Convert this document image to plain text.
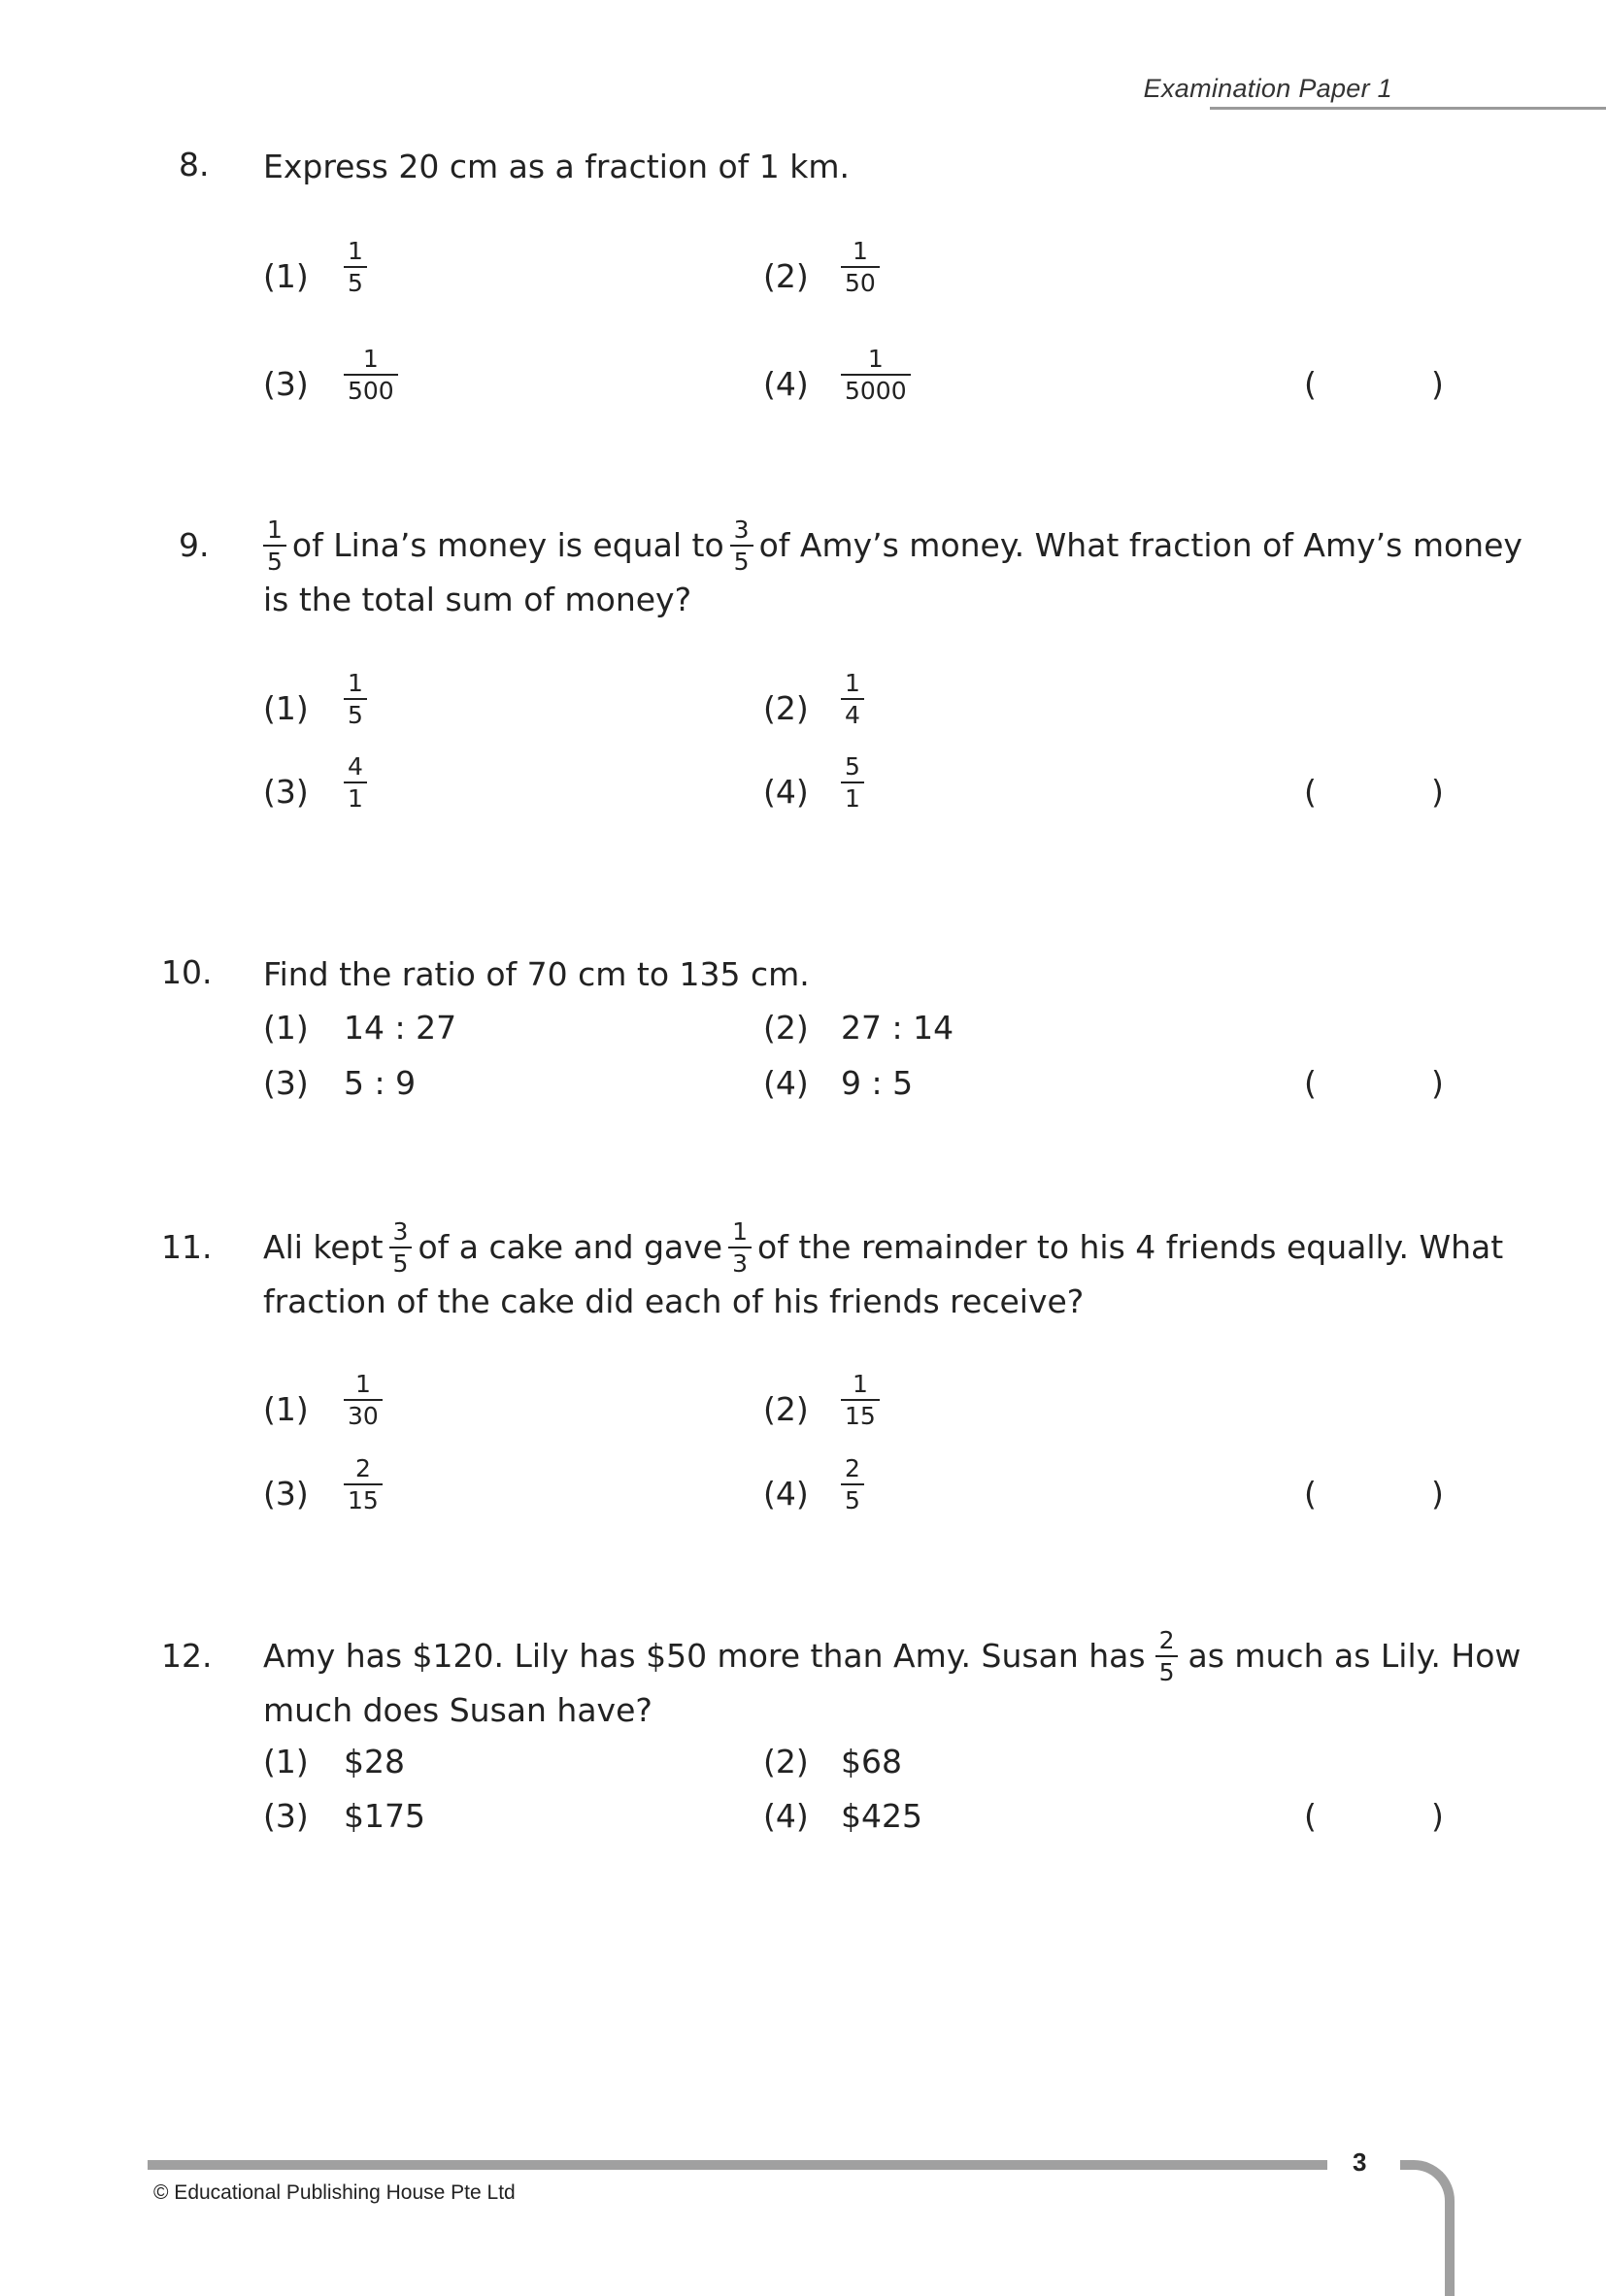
Examination Paper 1
8. Express 20 cm as a fraction of 1 km.
$(1) \frac{1}{5}$	$(2) \frac{1}{50}$
$(3) \frac{1}{500}$	$(4) \frac{1}{5000}$	(	)
9. $\frac{1}{5}$ of Lina’s money is equal to $\frac{3}{5}$ of Amy’s money. What fraction of Amy’s money
is the total sum of money?
$(1) \frac{1}{5}$	$(2) \frac{1}{4}$
$(3) \frac{4}{1}$	$(4) \frac{5}{1}$	(	)
10. Find the ratio of 70 cm to 135 cm.
(1) 14 : 27	(2) 27 : 14
(3) 5 : 9	(4) 9 : 5	(	)
11. Ali kept $\frac{3}{5}$ of a cake and gave $\frac{1}{3}$ of the remainder to his 4 friends equally. What
fraction of the cake did each of his friends receive?
$(1) \frac{1}{30}$	$(2) \frac{1}{15}$
$(3) \frac{2}{15}$	$(4) \frac{2}{5}$	(	)
12. Amy has $120. Lily has $50 more than Amy. Susan has $\frac{2}{5}$ as much as Lily. How
much does Susan have?
(1) $28	(2) $68
(3) $175	(4) $425	(	)
3
© Educational Publishing House Pte Ltd
